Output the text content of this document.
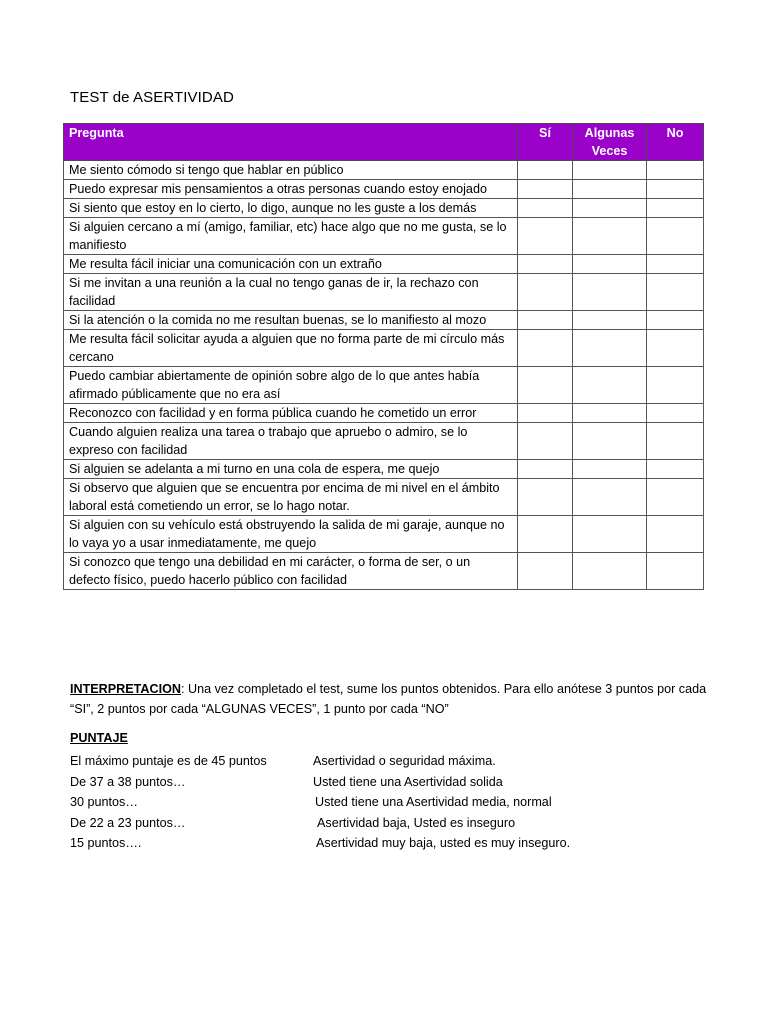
TEST de ASERTIVIDAD
Pregunta	Sí	Algunas Veces	No
Me siento cómodo si tengo que hablar en público			
Puedo expresar mis pensamientos a otras personas cuando estoy enojado			
Si siento que estoy en lo cierto, lo digo, aunque no les guste a los demás			
Si alguien cercano a mí (amigo, familiar, etc) hace algo que no me gusta, se lo manifiesto			
Me resulta fácil iniciar una comunicación con un extraño			
Si me invitan a una reunión a la cual no tengo ganas de ir, la rechazo con facilidad			
Si la atención o la comida no me resultan buenas, se lo manifiesto al mozo			
Me resulta fácil solicitar ayuda a alguien que no forma parte de mi círculo más cercano			
Puedo cambiar abiertamente de opinión sobre algo de lo que antes había afirmado públicamente que no era así			
Reconozco con facilidad y en forma pública cuando he cometido un error			
Cuando alguien realiza una tarea o trabajo que apruebo o admiro, se lo expreso con facilidad			
Si alguien se adelanta a mi turno en una cola de espera, me quejo			
Si observo que alguien que se encuentra por encima de mi nivel en el ámbito laboral está cometiendo un error, se lo hago notar.			
Si alguien con su vehículo está obstruyendo la salida de mi garaje, aunque no lo vaya yo a usar inmediatamente, me quejo			
Si conozco que tengo una debilidad en mi carácter, o forma de ser, o un defecto físico, puedo hacerlo público con facilidad			
INTERPRETACION: Una vez completado el test, sume los puntos obtenidos. Para ello anótese 3 puntos por cada “SI”, 2 puntos por cada “ALGUNAS VECES”, 1 punto por cada “NO”
PUNTAJE
El máximo puntaje es de 45 puntos	Asertividad o seguridad máxima.
De 37 a 38 puntos…	Usted tiene una Asertividad solida
30 puntos…	Usted tiene una Asertividad media, normal
De 22 a 23 puntos…	Asertividad baja, Usted es inseguro
15 puntos….	Asertividad muy baja, usted es muy inseguro.
